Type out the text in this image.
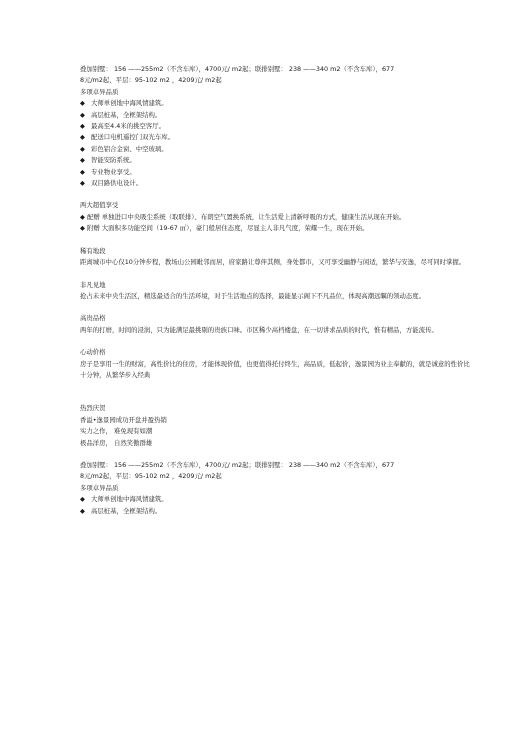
叠加别墅： 156 ——255m2（不含车库），4700元/ m2起；联排别墅： 238 ——340 m2（不含车库），677
8元/m2起，平层：95-102 m2 ，4209元/ m2起
多项卓异品质
◆ 大师单创地中海风情建筑。
◆ 高层桩基，全框架结构。
◆ 最高至4.4米的挑空客厅。
◆ 配送口电机遥控门双光车库。
◆ 彩色铝合金窗、中空玻璃。
◆ 智能安防系统。
◆ 专业物业享受。
◆ 双目路供电设计。
两大超值享受
◆ 配赠 单独进口中央吸尘系统（取联排）、布朗空气置换系统，让生活爱上清新呼吸的方式，健康生活从现在开始。
◆ 附赠 大面积多功能空间（19-67 ㎡），豪门般居住态度，尽显主人非凡气度，荣耀一生，现在开始。
稀有地段
距离城市中心仅10分钟步程，教场山公园毗邻而居，府家路让尊伴其侧，身处都市，又可享受幽静与闲适，繁华与安逸，尽可同时掌握。
非凡见地
抢占未来中央生活区，精选最适合的生活环境，对于生活地点的选择，最能显示阁下不凡品位，体现高潮远瞩的领动态度。
高贵品格
两年的打磨，时间的浸润，只为能满足最挑剔的贵族口味。市区稀少高档楼盘，在一切讲求品质的时代，惟有精品，方能流传。
心动价格
房子是享用一生的财富，高性价比的住房，才能体现价值，也更值得托付终生，高品质，低起价，逸景园为业主奉献的，就是诚意的性价比
十分钟，从繁华步入经典
热烈庆贺
香溢•逸景园成功开盘并盈热销
实力之作， 难免现有如潮
极品洋房， 自然笑傲群雄
叠加别墅： 156 ——255m2（不含车库），4700元/ m2起；联排别墅： 238 ——340 m2（不含车库），677
8元/m2起，平层：95-102 m2 ，4209元/ m2起
多项卓异品质
◆ 大师单创地中海风情建筑。
◆ 高层桩基，全框架结构。
